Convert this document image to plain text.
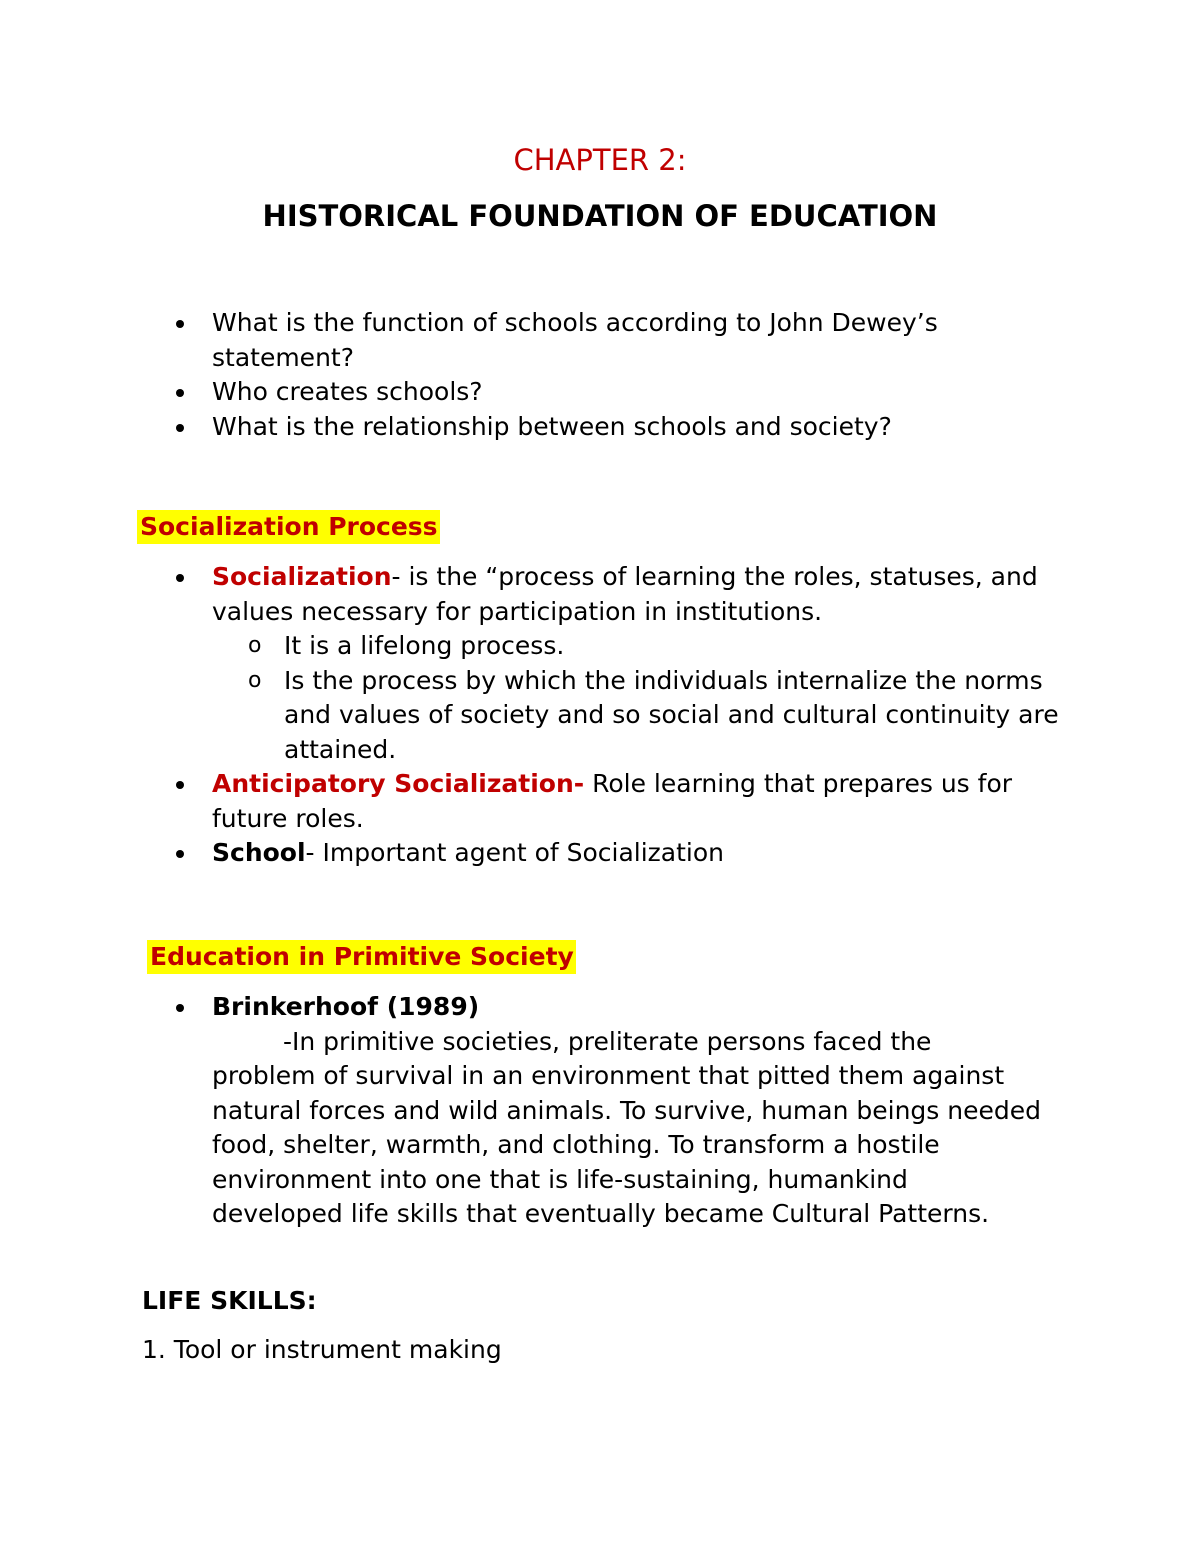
CHAPTER 2:
HISTORICAL FOUNDATION OF EDUCATION
What is the function of schools according to John Dewey’s statement?
Who creates schools?
What is the relationship between schools and society?
Socialization Process
Socialization- is the “process of learning the roles, statuses, and values necessary for participation in institutions.
o It is a lifelong process.
o Is the process by which the individuals internalize the norms and values of society and so social and cultural continuity are attained.
Anticipatory Socialization- Role learning that prepares us for future roles.
School- Important agent of Socialization
Education in Primitive Society
Brinkerhoof (1989)
-In primitive societies, preliterate persons faced the problem of survival in an environment that pitted them against natural forces and wild animals. To survive, human beings needed food, shelter, warmth, and clothing. To transform a hostile environment into one that is life-sustaining, humankind developed life skills that eventually became Cultural Patterns.
LIFE SKILLS:
1. Tool or instrument making
